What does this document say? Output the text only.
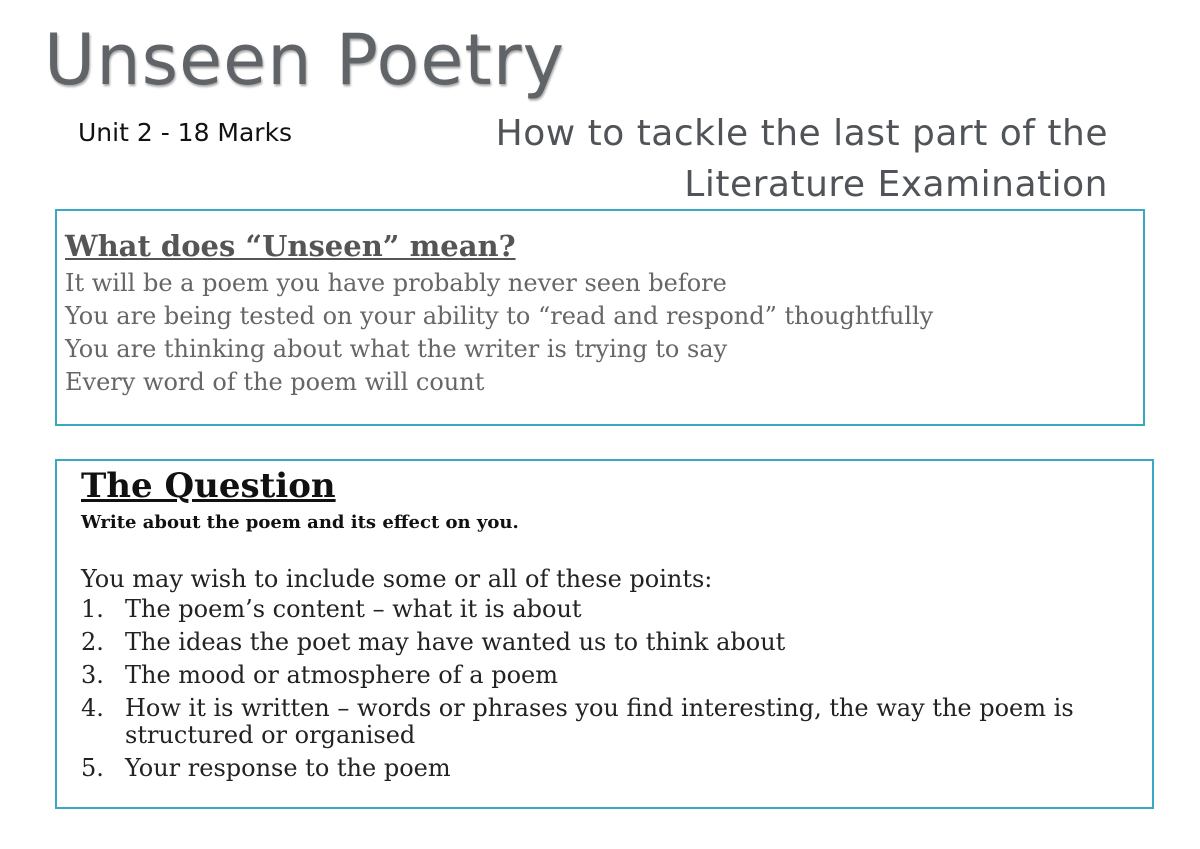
Unseen Poetry
Unit 2 - 18 Marks	How to tackle the last part of the
Literature Examination
What does “Unseen” mean?
It will be a poem you have probably never seen before
You are being tested on your ability to “read and respond” thoughtfully
You are thinking about what the writer is trying to say
Every word of the poem will count
The Question
Write about the poem and its effect on you.
You may wish to include some or all of these points:
1. The poem’s content – what it is about
2. The ideas the poet may have wanted us to think about
3. The mood or atmosphere of a poem
4. How it is written – words or phrases you find interesting, the way the poem is structured or organised
5. Your response to the poem
